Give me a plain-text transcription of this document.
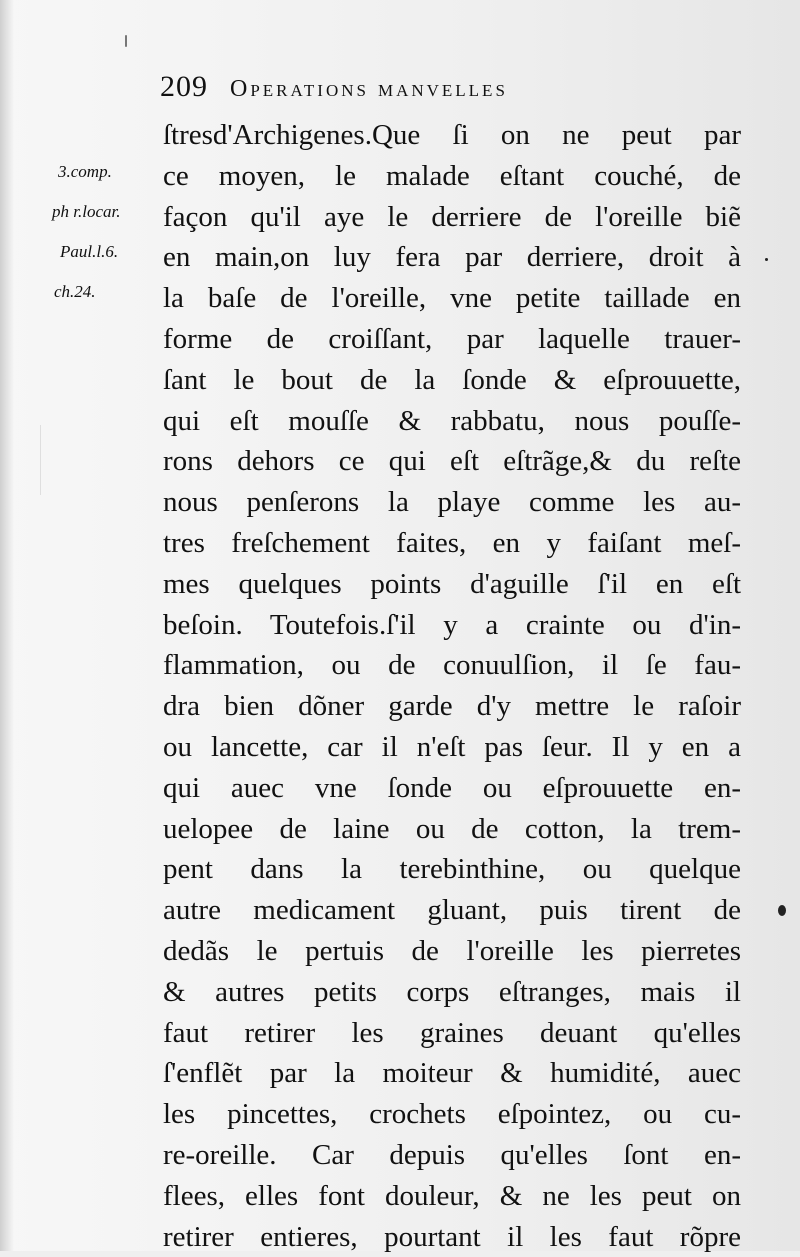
209 Operations manvelles
3.comp.
ph r.locar.
Paul.l.6.
ch.24.
ſtresd'Archigenes.Que ſi on ne peut par
ce moyen, le malade eſtant couché, de
façon qu'il aye le derriere de l'oreille biẽ
en main,on luy fera par derriere, droit à
la baſe de l'oreille, vne petite taillade en
forme de croiſſant, par laquelle trauer-
ſant le bout de la ſonde & eſprouuette,
qui eſt mouſſe & rabbatu, nous pouſſe-
rons dehors ce qui eſt eſtrãge,& du reſte
nous penſerons la playe comme les au-
tres freſchement faites, en y faiſant meſ-
mes quelques points d'aguille ſ'il en eſt
beſoin. Toutefois.ſ'il y a crainte ou d'in-
flammation, ou de conuulſion, il ſe fau-
dra bien dõner garde d'y mettre le raſoir
ou lancette, car il n'eſt pas ſeur. Il y en a
qui auec vne ſonde ou eſprouuette en-
uelopee de laine ou de cotton, la trem-
pent dans la terebinthine, ou quelque
autre medicament gluant, puis tirent de
dedãs le pertuis de l'oreille les pierretes
& autres petits corps eſtranges, mais il
faut retirer les graines deuant qu'elles
ſ'enflẽt par la moiteur & humidité, auec
les pincettes, crochets eſpointez, ou cu-
re-oreille. Car depuis qu'elles ſont en-
flees, elles font douleur, & ne les peut on
retirer entieres, pourtant il les faut rõpre
